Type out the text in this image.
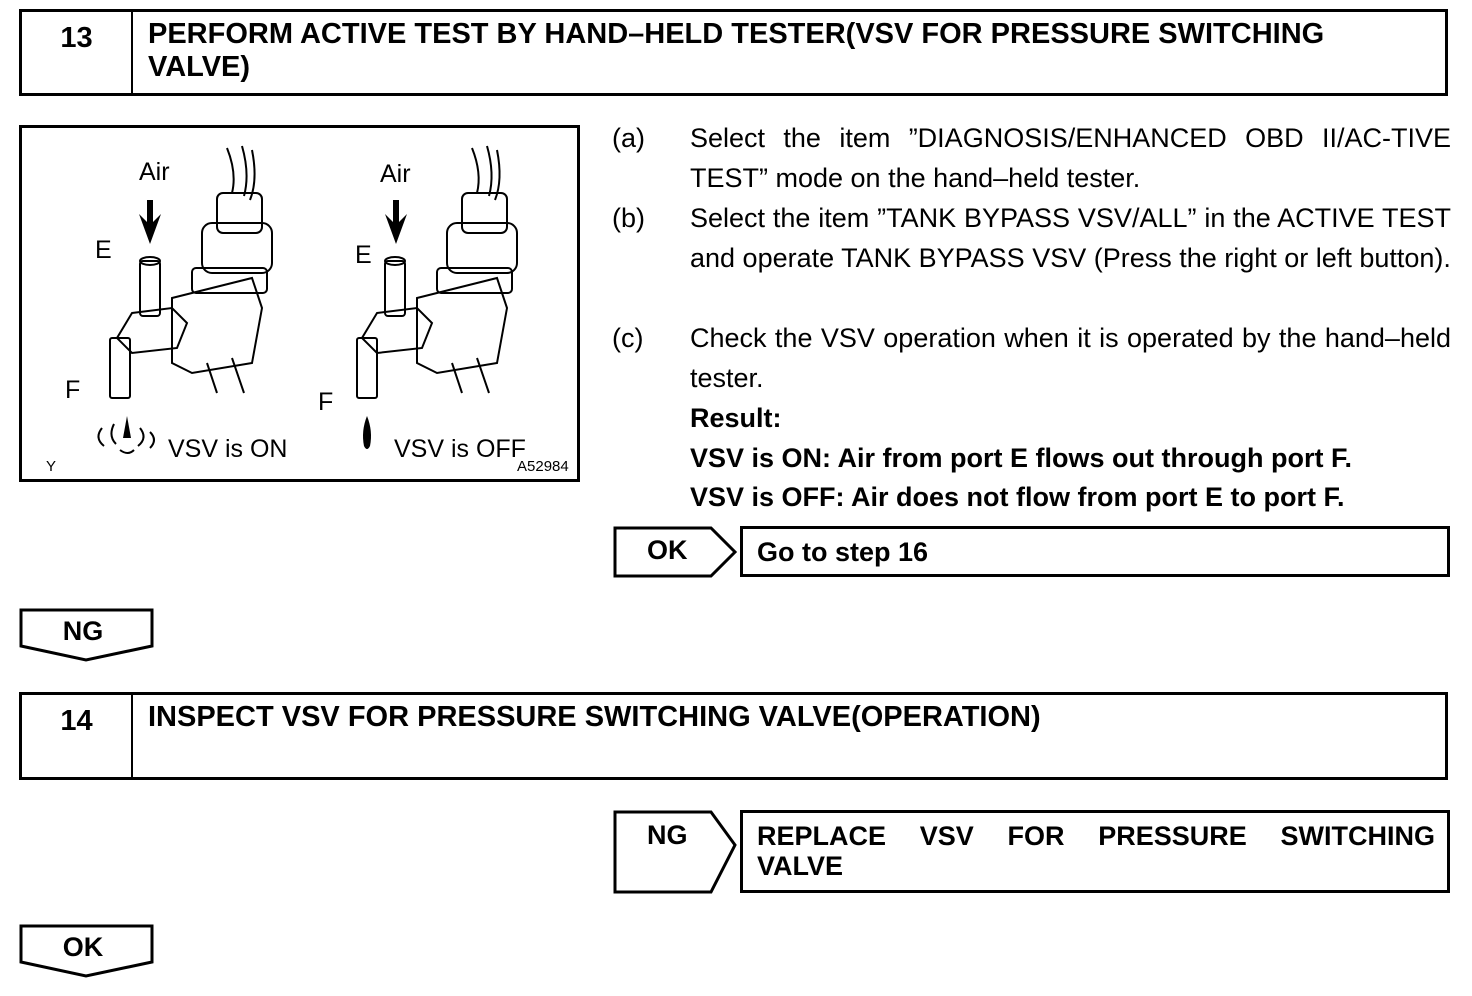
13	PERFORM ACTIVE TEST BY HAND–HELD TESTER(VSV FOR PRESSURE SWITCHING VALVE)
Air	Air
E	E
F	F
VSV is ON	VSV is OFF
Y	A52984
(a)	Select the item ”DIAGNOSIS/ENHANCED OBD II/AC-TIVE TEST” mode on the hand–held tester.
(b)	Select the item ”TANK BYPASS VSV/ALL” in the ACTIVE TEST and operate TANK BYPASS VSV (Press the right or left button).
(c)	Check the VSV operation when it is operated by the hand–held tester.
Result:
VSV is ON: Air from port E flows out through port F.
VSV is OFF: Air does not flow from port E to port F.
OK	Go to step 16
NG
14	INSPECT VSV FOR PRESSURE SWITCHING VALVE(OPERATION)
NG	REPLACE VSV FOR PRESSURE SWITCHING VALVE
OK
